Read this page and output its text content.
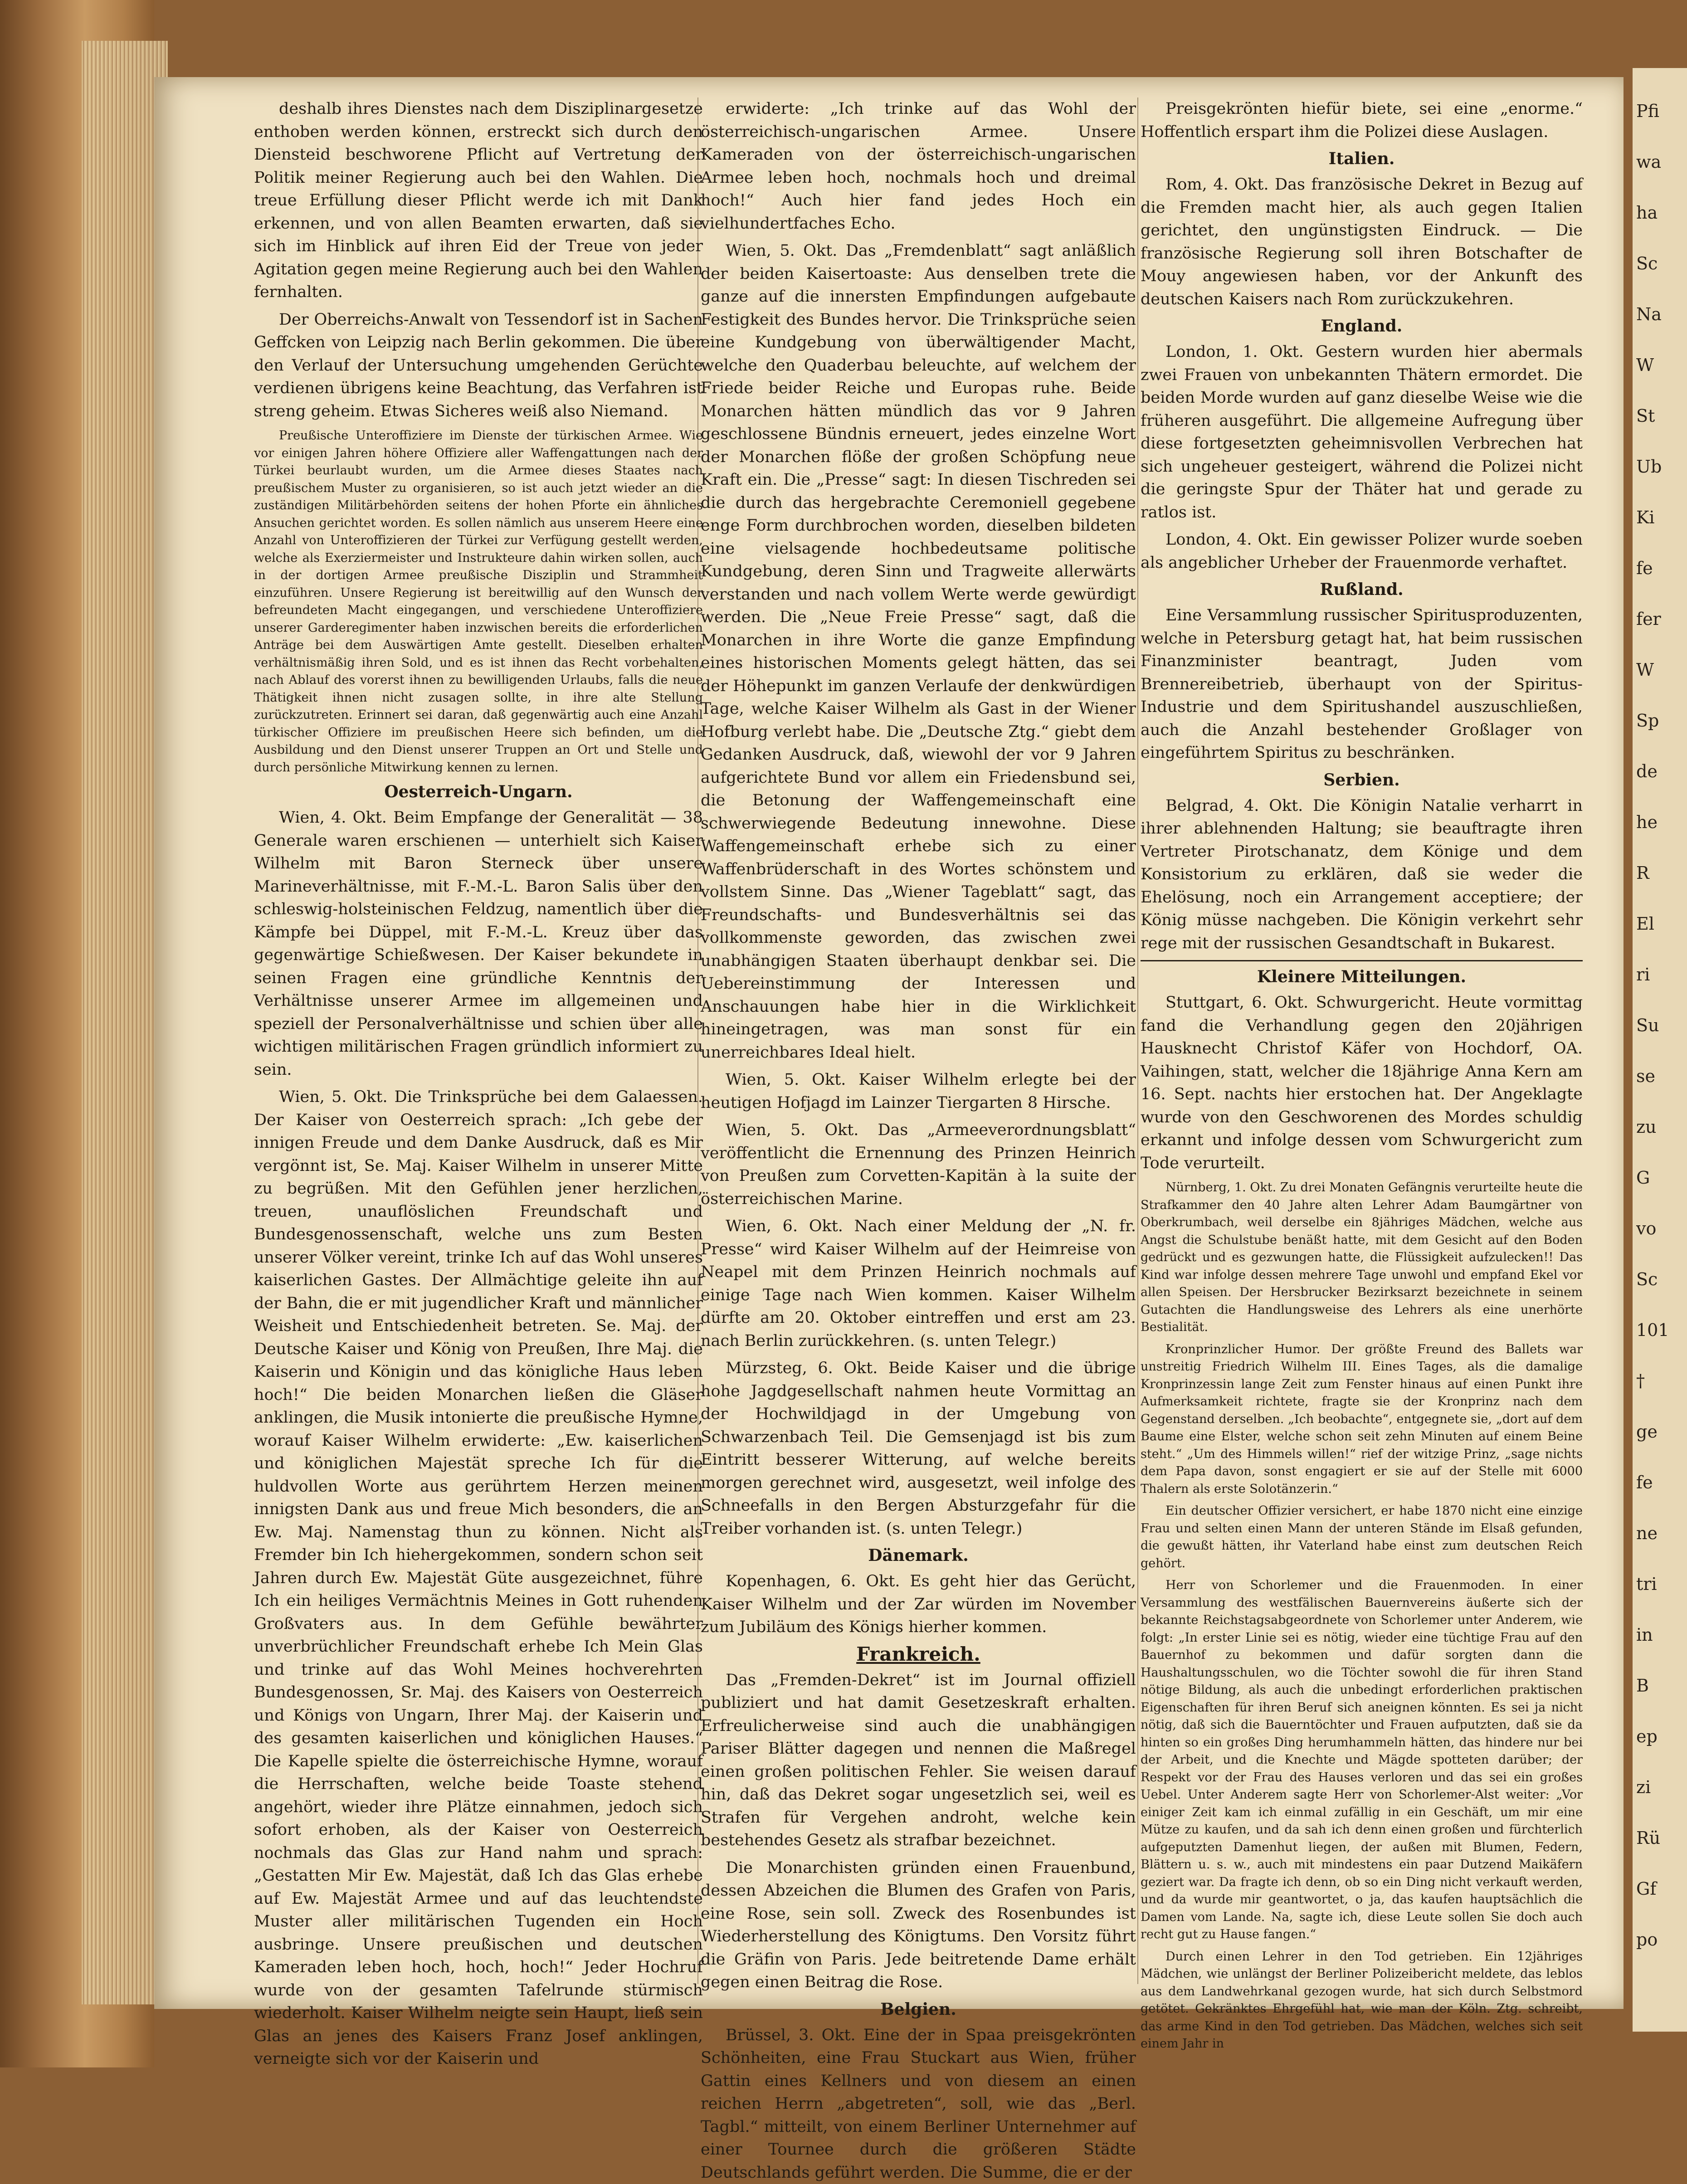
deshalb ihres Dienstes nach dem Disziplinargesetze enthoben werden können, erstreckt sich durch den Diensteid beschworene Pflicht auf Vertretung der Politik meiner Regierung auch bei den Wahlen. Die treue Erfüllung dieser Pflicht werde ich mit Dank erkennen, und von allen Beamten erwarten, daß sie sich im Hinblick auf ihren Eid der Treue von jeder Agitation gegen meine Regierung auch bei den Wahlen fernhalten.

Der Oberreichs-Anwalt von Tessendorf ist in Sachen Geffcken von Leipzig nach Berlin gekommen. Die über den Verlauf der Untersuchung umgehenden Gerüchte verdienen übrigens keine Beachtung, das Verfahren ist streng geheim. Etwas Sicheres weiß also Niemand.

Preußische Unteroffiziere im Dienste der türkischen Armee. Wie vor einigen Jahren höhere Offiziere aller Waffengattungen nach der Türkei beurlaubt wurden, um die Armee dieses Staates nach preußischem Muster zu organisieren, so ist auch jetzt wieder an die zuständigen Militärbehörden seitens der hohen Pforte ein ähnliches Ansuchen gerichtet worden. Es sollen nämlich aus unserem Heere eine Anzahl von Unteroffizieren der Türkei zur Verfügung gestellt werden, welche als Exerziermeister und Instrukteure dahin wirken sollen, auch in der dortigen Armee preußische Disziplin und Strammheit einzuführen. Unsere Regierung ist bereitwillig auf den Wunsch der befreundeten Macht eingegangen, und verschiedene Unteroffiziere unserer Garderegimenter haben inzwischen bereits die erforderlichen Anträge bei dem Auswärtigen Amte gestellt. Dieselben erhalten verhältnismäßig ihren Sold, und es ist ihnen das Recht vorbehalten, nach Ablauf des vorerst ihnen zu bewilligenden Urlaubs, falls die neue Thätigkeit ihnen nicht zusagen sollte, in ihre alte Stellung zurückzutreten. Erinnert sei daran, daß gegenwärtig auch eine Anzahl türkischer Offiziere im preußischen Heere sich befinden, um die Ausbildung und den Dienst unserer Truppen an Ort und Stelle und durch persönliche Mitwirkung kennen zu lernen.

Oesterreich-Ungarn.

Wien, 4. Okt. Beim Empfange der Generalität — 38 Generale waren erschienen — unterhielt sich Kaiser Wilhelm mit Baron Sterneck über unsere Marineverhältnisse, mit F.-M.-L. Baron Salis über den schleswig-holsteinischen Feldzug, namentlich über die Kämpfe bei Düppel, mit F.-M.-L. Kreuz über das gegenwärtige Schießwesen. Der Kaiser bekundete in seinen Fragen eine gründliche Kenntnis der Verhältnisse unserer Armee im allgemeinen und speziell der Personalverhältnisse und schien über alle wichtigen militärischen Fragen gründlich informiert zu sein.

Wien, 5. Okt. Die Trinksprüche bei dem Galaessen. Der Kaiser von Oesterreich sprach: „Ich gebe der innigen Freude und dem Danke Ausdruck, daß es Mir vergönnt ist, Se. Maj. Kaiser Wilhelm in unserer Mitte zu begrüßen. Mit den Gefühlen jener herzlichen, treuen, unauflöslichen Freundschaft und Bundesgenossenschaft, welche uns zum Besten unserer Völker vereint, trinke Ich auf das Wohl unseres kaiserlichen Gastes. Der Allmächtige geleite ihn auf der Bahn, die er mit jugendlicher Kraft und männlicher Weisheit und Entschiedenheit betreten. Se. Maj. der Deutsche Kaiser und König von Preußen, Ihre Maj. die Kaiserin und Königin und das königliche Haus leben hoch!“ Die beiden Monarchen ließen die Gläser anklingen, die Musik intonierte die preußische Hymne, worauf Kaiser Wilhelm erwiderte: „Ew. kaiserlichen und königlichen Majestät spreche Ich für die huldvollen Worte aus gerührtem Herzen meinen innigsten Dank aus und freue Mich besonders, die an Ew. Maj. Namenstag thun zu können. Nicht als Fremder bin Ich hiehergekommen, sondern schon seit Jahren durch Ew. Majestät Güte ausgezeichnet, führe Ich ein heiliges Vermächtnis Meines in Gott ruhenden Großvaters aus. In dem Gefühle bewährter unverbrüchlicher Freundschaft erhebe Ich Mein Glas und trinke auf das Wohl Meines hochverehrten Bundesgenossen, Sr. Maj. des Kaisers von Oesterreich und Königs von Ungarn, Ihrer Maj. der Kaiserin und des gesamten kaiserlichen und königlichen Hauses.“ Die Kapelle spielte die österreichische Hymne, worauf die Herrschaften, welche beide Toaste stehend angehört, wieder ihre Plätze einnahmen, jedoch sich sofort erhoben, als der Kaiser von Oesterreich nochmals das Glas zur Hand nahm und sprach: „Gestatten Mir Ew. Majestät, daß Ich das Glas erhebe auf Ew. Majestät Armee und auf das leuchtendste Muster aller militärischen Tugenden ein Hoch ausbringe. Unsere preußischen und deutschen Kameraden leben hoch, hoch, hoch!“ Jeder Hochruf wurde von der gesamten Tafelrunde stürmisch wiederholt. Kaiser Wilhelm neigte sein Haupt, ließ sein Glas an jenes des Kaisers Franz Josef anklingen, verneigte sich vor der Kaiserin und

erwiderte: „Ich trinke auf das Wohl der österreichisch-ungarischen Armee. Unsere Kameraden von der österreichisch-ungarischen Armee leben hoch, nochmals hoch und dreimal hoch!“ Auch hier fand jedes Hoch ein vielhundertfaches Echo.

Wien, 5. Okt. Das „Fremdenblatt“ sagt anläßlich der beiden Kaisertoaste: Aus denselben trete die ganze auf die innersten Empfindungen aufgebaute Festigkeit des Bundes hervor. Die Trinksprüche seien eine Kundgebung von überwältigender Macht, welche den Quaderbau beleuchte, auf welchem der Friede beider Reiche und Europas ruhe. Beide Monarchen hätten mündlich das vor 9 Jahren geschlossene Bündnis erneuert, jedes einzelne Wort der Monarchen flöße der großen Schöpfung neue Kraft ein. Die „Presse“ sagt: In diesen Tischreden sei die durch das hergebrachte Ceremoniell gegebene enge Form durchbrochen worden, dieselben bildeten eine vielsagende hochbedeutsame politische Kundgebung, deren Sinn und Tragweite allerwärts verstanden und nach vollem Werte werde gewürdigt werden. Die „Neue Freie Presse“ sagt, daß die Monarchen in ihre Worte die ganze Empfindung eines historischen Moments gelegt hätten, das sei der Höhepunkt im ganzen Verlaufe der denkwürdigen Tage, welche Kaiser Wilhelm als Gast in der Wiener Hofburg verlebt habe. Die „Deutsche Ztg.“ giebt dem Gedanken Ausdruck, daß, wiewohl der vor 9 Jahren aufgerichtete Bund vor allem ein Friedensbund sei, die Betonung der Waffengemeinschaft eine schwerwiegende Bedeutung innewohne. Diese Waffengemeinschaft erhebe sich zu einer Waffenbrüderschaft in des Wortes schönstem und vollstem Sinne. Das „Wiener Tageblatt“ sagt, das Freundschafts- und Bundesverhältnis sei das vollkommenste geworden, das zwischen zwei unabhängigen Staaten überhaupt denkbar sei. Die Uebereinstimmung der Interessen und Anschauungen habe hier in die Wirklichkeit hineingetragen, was man sonst für ein unerreichbares Ideal hielt.

Wien, 5. Okt. Kaiser Wilhelm erlegte bei der heutigen Hofjagd im Lainzer Tiergarten 8 Hirsche.

Wien, 5. Okt. Das „Armeeverordnungsblatt“ veröffentlicht die Ernennung des Prinzen Heinrich von Preußen zum Corvetten-Kapitän à la suite der österreichischen Marine.

Wien, 6. Okt. Nach einer Meldung der „N. fr. Presse“ wird Kaiser Wilhelm auf der Heimreise von Neapel mit dem Prinzen Heinrich nochmals auf einige Tage nach Wien kommen. Kaiser Wilhelm dürfte am 20. Oktober eintreffen und erst am 23. nach Berlin zurückkehren. (s. unten Telegr.)

Mürzsteg, 6. Okt. Beide Kaiser und die übrige hohe Jagdgesellschaft nahmen heute Vormittag an der Hochwildjagd in der Umgebung von Schwarzenbach Teil. Die Gemsenjagd ist bis zum Eintritt besserer Witterung, auf welche bereits morgen gerechnet wird, ausgesetzt, weil infolge des Schneefalls in den Bergen Absturzgefahr für die Treiber vorhanden ist. (s. unten Telegr.)

Dänemark.

Kopenhagen, 6. Okt. Es geht hier das Gerücht, Kaiser Wilhelm und der Zar würden im November zum Jubiläum des Königs hierher kommen.

Frankreich.

Das „Fremden-Dekret“ ist im Journal offiziell publiziert und hat damit Gesetzeskraft erhalten. Erfreulicherweise sind auch die unabhängigen Pariser Blätter dagegen und nennen die Maßregel einen großen politischen Fehler. Sie weisen darauf hin, daß das Dekret sogar ungesetzlich sei, weil es Strafen für Vergehen androht, welche kein bestehendes Gesetz als strafbar bezeichnet.

Die Monarchisten gründen einen Frauenbund, dessen Abzeichen die Blumen des Grafen von Paris, eine Rose, sein soll. Zweck des Rosenbundes ist Wiederherstellung des Königtums. Den Vorsitz führt die Gräfin von Paris. Jede beitretende Dame erhält gegen einen Beitrag die Rose.

Belgien.

Brüssel, 3. Okt. Eine der in Spaa preisgekrönten Schönheiten, eine Frau Stuckart aus Wien, früher Gattin eines Kellners und von diesem an einen reichen Herrn „abgetreten“, soll, wie das „Berl. Tagbl.“ mitteilt, von einem Berliner Unternehmer auf einer Tournee durch die größeren Städte Deutschlands geführt werden. Die Summe, die er der

Preisgekrönten hiefür biete, sei eine „enorme.“ Hoffentlich erspart ihm die Polizei diese Auslagen.

Italien.

Rom, 4. Okt. Das französische Dekret in Bezug auf die Fremden macht hier, als auch gegen Italien gerichtet, den ungünstigsten Eindruck. — Die französische Regierung soll ihren Botschafter de Mouy angewiesen haben, vor der Ankunft des deutschen Kaisers nach Rom zurückzukehren.

England.

London, 1. Okt. Gestern wurden hier abermals zwei Frauen von unbekannten Thätern ermordet. Die beiden Morde wurden auf ganz dieselbe Weise wie die früheren ausgeführt. Die allgemeine Aufregung über diese fortgesetzten geheimnisvollen Verbrechen hat sich ungeheuer gesteigert, während die Polizei nicht die geringste Spur der Thäter hat und gerade zu ratlos ist.

London, 4. Okt. Ein gewisser Polizer wurde soeben als angeblicher Urheber der Frauenmorde verhaftet.

Rußland.

Eine Versammlung russischer Spiritusproduzenten, welche in Petersburg getagt hat, hat beim russischen Finanzminister beantragt, Juden vom Brennereibetrieb, überhaupt von der Spiritus-Industrie und dem Spiritushandel auszuschließen, auch die Anzahl bestehender Großlager von eingeführtem Spiritus zu beschränken.

Serbien.

Belgrad, 4. Okt. Die Königin Natalie verharrt in ihrer ablehnenden Haltung; sie beauftragte ihren Vertreter Pirotschanatz, dem Könige und dem Konsistorium zu erklären, daß sie weder die Ehelösung, noch ein Arrangement acceptiere; der König müsse nachgeben. Die Königin verkehrt sehr rege mit der russischen Gesandtschaft in Bukarest.

Kleinere Mitteilungen.

Stuttgart, 6. Okt. Schwurgericht. Heute vormittag fand die Verhandlung gegen den 20jährigen Hausknecht Christof Käfer von Hochdorf, OA. Vaihingen, statt, welcher die 18jährige Anna Kern am 16. Sept. nachts hier erstochen hat. Der Angeklagte wurde von den Geschworenen des Mordes schuldig erkannt und infolge dessen vom Schwurgericht zum Tode verurteilt.

Nürnberg, 1. Okt. Zu drei Monaten Gefängnis verurteilte heute die Strafkammer den 40 Jahre alten Lehrer Adam Baumgärtner von Oberkrumbach, weil derselbe ein 8jähriges Mädchen, welche aus Angst die Schulstube benäßt hatte, mit dem Gesicht auf den Boden gedrückt und es gezwungen hatte, die Flüssigkeit aufzulecken!! Das Kind war infolge dessen mehrere Tage unwohl und empfand Ekel vor allen Speisen. Der Hersbrucker Bezirksarzt bezeichnete in seinem Gutachten die Handlungsweise des Lehrers als eine unerhörte Bestialität.

Kronprinzlicher Humor. Der größte Freund des Ballets war unstreitig Friedrich Wilhelm III. Eines Tages, als die damalige Kronprinzessin lange Zeit zum Fenster hinaus auf einen Punkt ihre Aufmerksamkeit richtete, fragte sie der Kronprinz nach dem Gegenstand derselben. „Ich beobachte“, entgegnete sie, „dort auf dem Baume eine Elster, welche schon seit zehn Minuten auf einem Beine steht.“ „Um des Himmels willen!“ rief der witzige Prinz, „sage nichts dem Papa davon, sonst engagiert er sie auf der Stelle mit 6000 Thalern als erste Solotänzerin.“

Ein deutscher Offizier versichert, er habe 1870 nicht eine einzige Frau und selten einen Mann der unteren Stände im Elsaß gefunden, die gewußt hätten, ihr Vaterland habe einst zum deutschen Reich gehört.

Herr von Schorlemer und die Frauenmoden. In einer Versammlung des westfälischen Bauernvereins äußerte sich der bekannte Reichstagsabgeordnete von Schorlemer unter Anderem, wie folgt: „In erster Linie sei es nötig, wieder eine tüchtige Frau auf den Bauernhof zu bekommen und dafür sorgten dann die Haushaltungsschulen, wo die Töchter sowohl die für ihren Stand nötige Bildung, als auch die unbedingt erforderlichen praktischen Eigenschaften für ihren Beruf sich aneignen könnten. Es sei ja nicht nötig, daß sich die Bauerntöchter und Frauen aufputzten, daß sie da hinten so ein großes Ding herumhammeln hätten, das hindere nur bei der Arbeit, und die Knechte und Mägde spotteten darüber; der Respekt vor der Frau des Hauses verloren und das sei ein großes Uebel. Unter Anderem sagte Herr von Schorlemer-Alst weiter: „Vor einiger Zeit kam ich einmal zufällig in ein Geschäft, um mir eine Mütze zu kaufen, und da sah ich denn einen großen und fürchterlich aufgeputzten Damenhut liegen, der außen mit Blumen, Federn, Blättern u. s. w., auch mit mindestens ein paar Dutzend Maikäfern geziert war. Da fragte ich denn, ob so ein Ding nicht verkauft werden, und da wurde mir geantwortet, o ja, das kaufen hauptsächlich die Damen vom Lande. Na, sagte ich, diese Leute sollen Sie doch auch recht gut zu Hause fangen.“

Durch einen Lehrer in den Tod getrieben. Ein 12jähriges Mädchen, wie unlängst der Berliner Polizeibericht meldete, das leblos aus dem Landwehrkanal gezogen wurde, hat sich durch Selbstmord getötet. Gekränktes Ehrgefühl hat, wie man der Köln. Ztg. schreibt, das arme Kind in den Tod getrieben. Das Mädchen, welches sich seit einem Jahr in

Pfi
wa
ha
Sc
Na
W
St
Ub
Ki
fe
fer
W
Sp
de
he
R
El
ri
Su
se
zu
G
vo
Sc
101
†
ge
fe
ne
tri
in
B
ep
zi
Rü
Gf
po
